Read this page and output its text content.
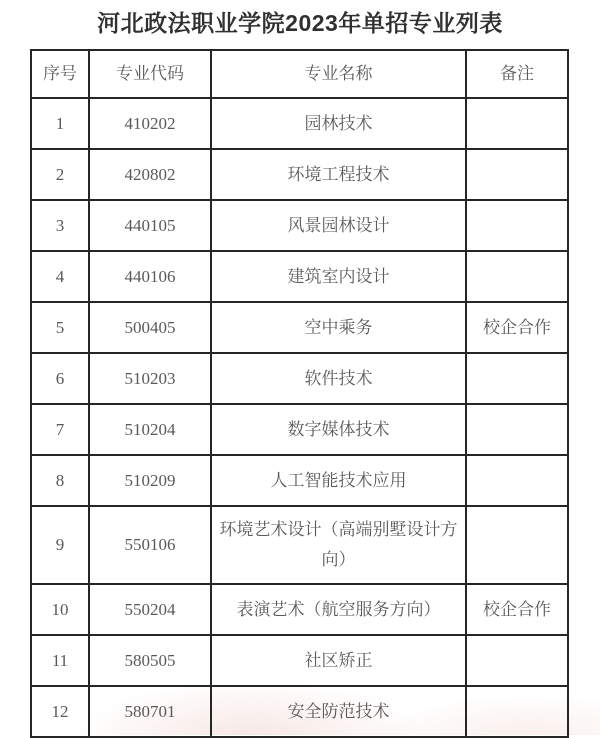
河北政法职业学院2023年单招专业列表
序号	专业代码	专业名称	备注
1	410202	园林技术	
2	420802	环境工程技术	
3	440105	风景园林设计	
4	440106	建筑室内设计	
5	500405	空中乘务	校企合作
6	510203	软件技术	
7	510204	数字媒体技术	
8	510209	人工智能技术应用	
9	550106	环境艺术设计（高端别墅设计方向）	
10	550204	表演艺术（航空服务方向）	校企合作
11	580505	社区矫正	
12	580701	安全防范技术	
